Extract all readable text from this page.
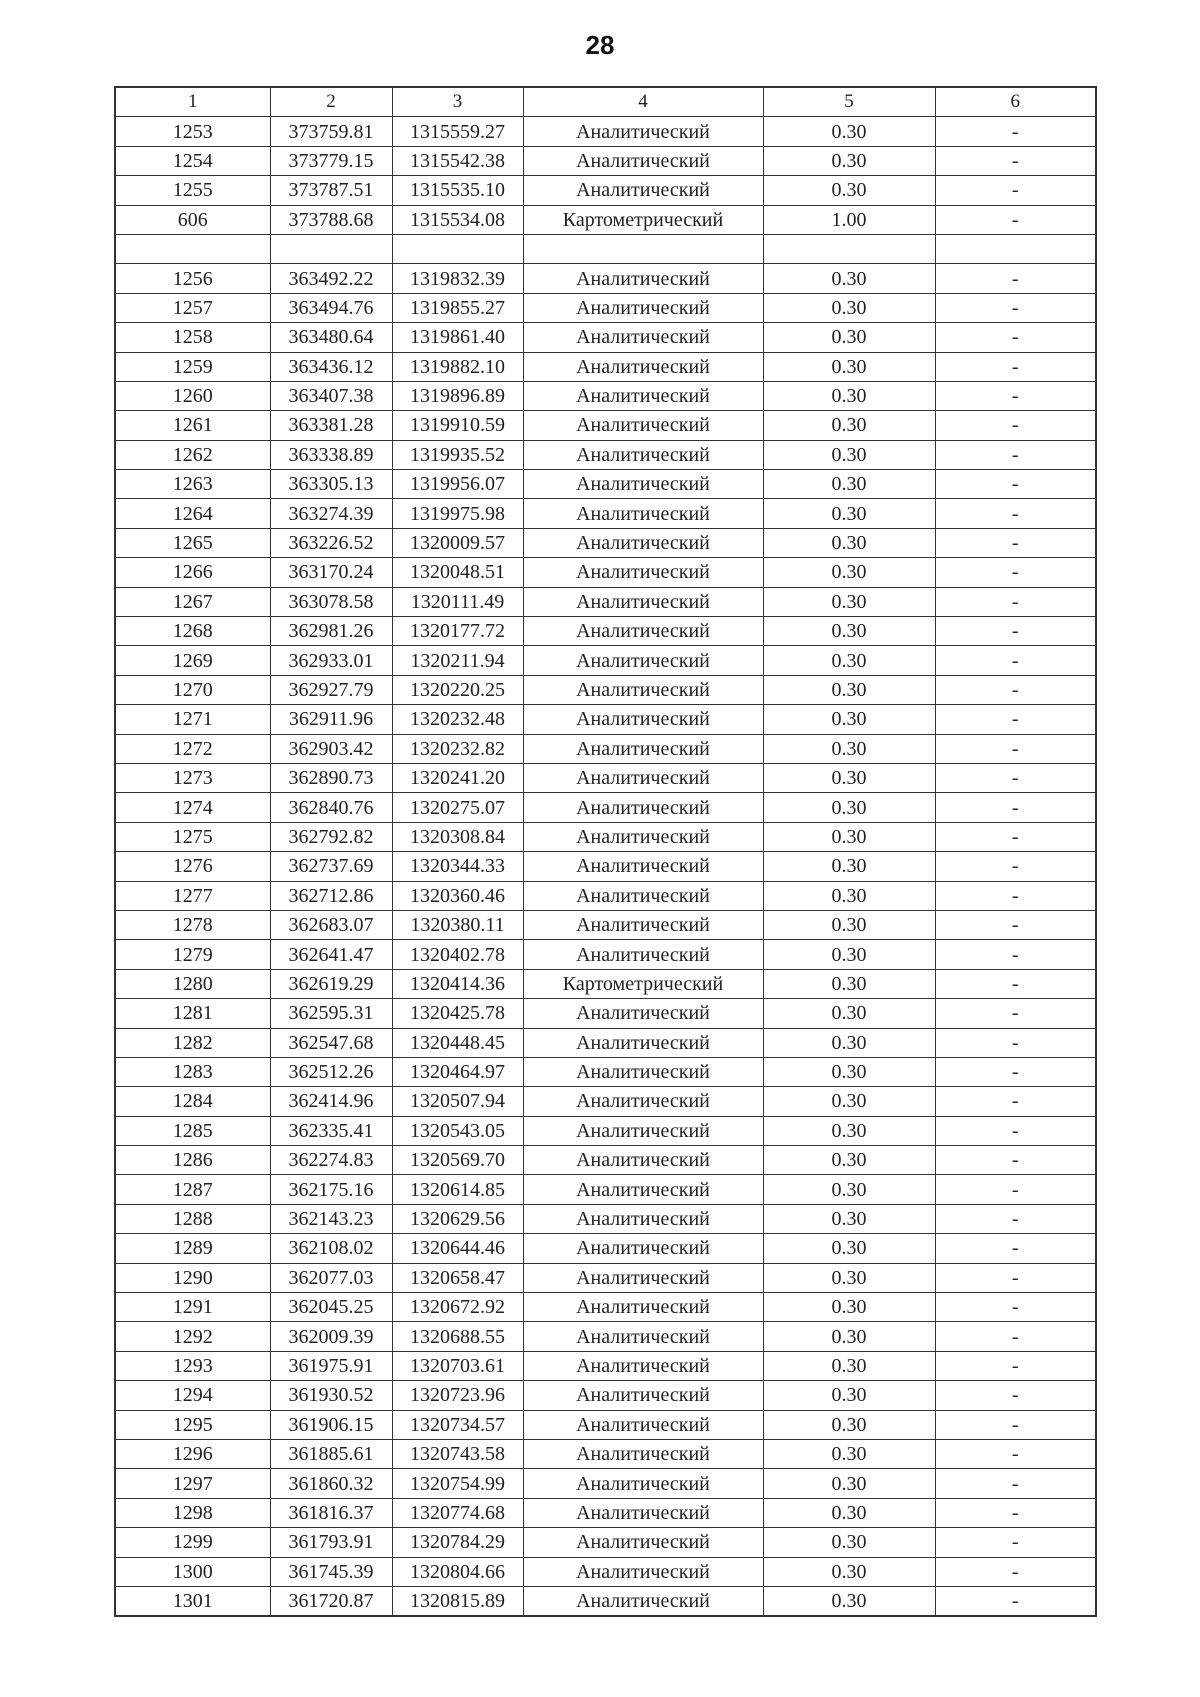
28
1	2	3	4	5	6
1253	373759.81	1315559.27	Аналитический	0.30	-
1254	373779.15	1315542.38	Аналитический	0.30	-
1255	373787.51	1315535.10	Аналитический	0.30	-
606	373788.68	1315534.08	Картометрический	1.00	-

1256	363492.22	1319832.39	Аналитический	0.30	-
1257	363494.76	1319855.27	Аналитический	0.30	-
1258	363480.64	1319861.40	Аналитический	0.30	-
1259	363436.12	1319882.10	Аналитический	0.30	-
1260	363407.38	1319896.89	Аналитический	0.30	-
1261	363381.28	1319910.59	Аналитический	0.30	-
1262	363338.89	1319935.52	Аналитический	0.30	-
1263	363305.13	1319956.07	Аналитический	0.30	-
1264	363274.39	1319975.98	Аналитический	0.30	-
1265	363226.52	1320009.57	Аналитический	0.30	-
1266	363170.24	1320048.51	Аналитический	0.30	-
1267	363078.58	1320111.49	Аналитический	0.30	-
1268	362981.26	1320177.72	Аналитический	0.30	-
1269	362933.01	1320211.94	Аналитический	0.30	-
1270	362927.79	1320220.25	Аналитический	0.30	-
1271	362911.96	1320232.48	Аналитический	0.30	-
1272	362903.42	1320232.82	Аналитический	0.30	-
1273	362890.73	1320241.20	Аналитический	0.30	-
1274	362840.76	1320275.07	Аналитический	0.30	-
1275	362792.82	1320308.84	Аналитический	0.30	-
1276	362737.69	1320344.33	Аналитический	0.30	-
1277	362712.86	1320360.46	Аналитический	0.30	-
1278	362683.07	1320380.11	Аналитический	0.30	-
1279	362641.47	1320402.78	Аналитический	0.30	-
1280	362619.29	1320414.36	Картометрический	0.30	-
1281	362595.31	1320425.78	Аналитический	0.30	-
1282	362547.68	1320448.45	Аналитический	0.30	-
1283	362512.26	1320464.97	Аналитический	0.30	-
1284	362414.96	1320507.94	Аналитический	0.30	-
1285	362335.41	1320543.05	Аналитический	0.30	-
1286	362274.83	1320569.70	Аналитический	0.30	-
1287	362175.16	1320614.85	Аналитический	0.30	-
1288	362143.23	1320629.56	Аналитический	0.30	-
1289	362108.02	1320644.46	Аналитический	0.30	-
1290	362077.03	1320658.47	Аналитический	0.30	-
1291	362045.25	1320672.92	Аналитический	0.30	-
1292	362009.39	1320688.55	Аналитический	0.30	-
1293	361975.91	1320703.61	Аналитический	0.30	-
1294	361930.52	1320723.96	Аналитический	0.30	-
1295	361906.15	1320734.57	Аналитический	0.30	-
1296	361885.61	1320743.58	Аналитический	0.30	-
1297	361860.32	1320754.99	Аналитический	0.30	-
1298	361816.37	1320774.68	Аналитический	0.30	-
1299	361793.91	1320784.29	Аналитический	0.30	-
1300	361745.39	1320804.66	Аналитический	0.30	-
1301	361720.87	1320815.89	Аналитический	0.30	-
